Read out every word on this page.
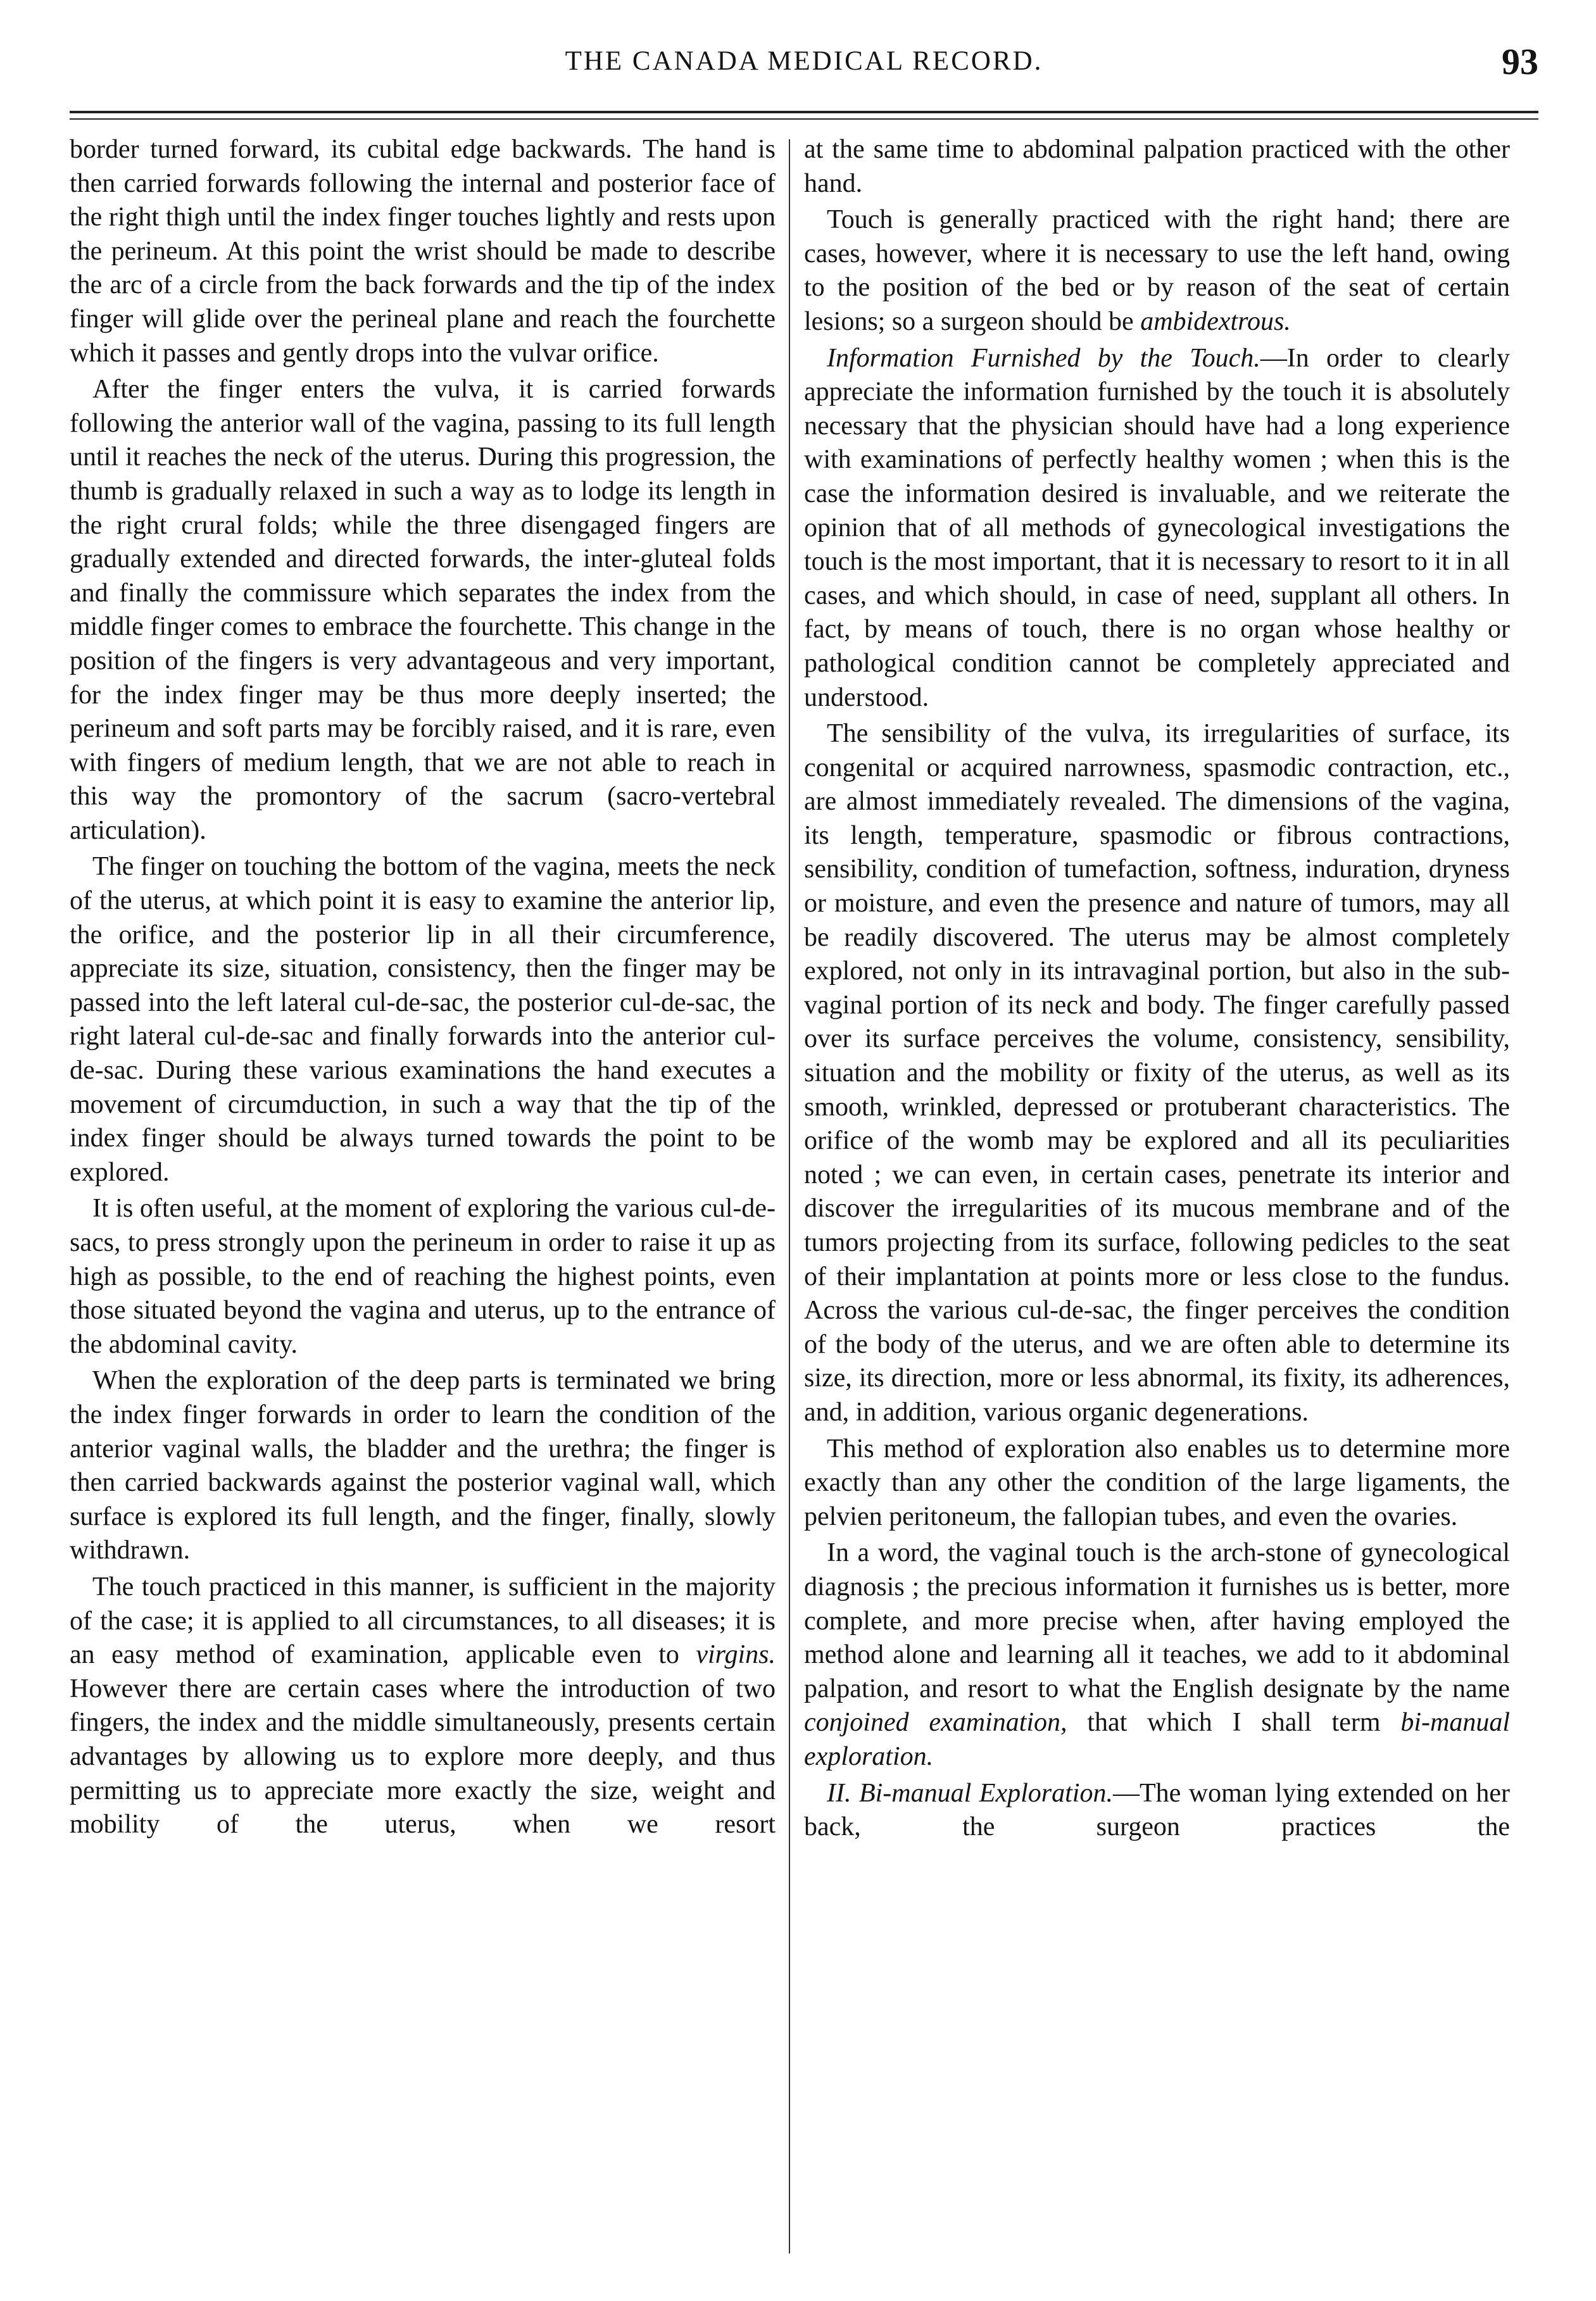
THE CANADA MEDICAL RECORD.	93

border turned forward, its cubital edge backwards. The hand is then carried forwards following the internal and posterior face of the right thigh until the index finger touches lightly and rests upon the perineum. At this point the wrist should be made to describe the arc of a circle from the back forwards and the tip of the index finger will glide over the perineal plane and reach the fourchette which it passes and gently drops into the vulvar orifice.

After the finger enters the vulva, it is carried forwards following the anterior wall of the vagina, passing to its full length until it reaches the neck of the uterus. During this progression, the thumb is gradually relaxed in such a way as to lodge its length in the right crural folds; while the three disengaged fingers are gradually extended and directed forwards, the inter-gluteal folds and finally the commissure which separates the index from the middle finger comes to embrace the fourchette. This change in the position of the fingers is very advantageous and very important, for the index finger may be thus more deeply inserted; the perineum and soft parts may be forcibly raised, and it is rare, even with fingers of medium length, that we are not able to reach in this way the promontory of the sacrum (sacro-vertebral articulation).

The finger on touching the bottom of the vagina, meets the neck of the uterus, at which point it is easy to examine the anterior lip, the orifice, and the posterior lip in all their circumference, appreciate its size, situation, consistency, then the finger may be passed into the left lateral cul-de-sac, the posterior cul-de-sac, the right lateral cul-de-sac and finally forwards into the anterior cul-de-sac. During these various examinations the hand executes a movement of circumduction, in such a way that the tip of the index finger should be always turned towards the point to be explored.

It is often useful, at the moment of exploring the various cul-de-sacs, to press strongly upon the perineum in order to raise it up as high as possible, to the end of reaching the highest points, even those situated beyond the vagina and uterus, up to the entrance of the abdominal cavity.

When the exploration of the deep parts is terminated we bring the index finger forwards in order to learn the condition of the anterior vaginal walls, the bladder and the urethra; the finger is then carried backwards against the posterior vaginal wall, which surface is explored its full length, and the finger, finally, slowly withdrawn.

The touch practiced in this manner, is sufficient in the majority of the case; it is applied to all circumstances, to all diseases; it is an easy method of examination, applicable even to virgins. However there are certain cases where the introduction of two fingers, the index and the middle simultaneously, presents certain advantages by allowing us to explore more deeply, and thus permitting us to appreciate more exactly the size, weight and mobility of the uterus, when we resort

at the same time to abdominal palpation practiced with the other hand.

Touch is generally practiced with the right hand; there are cases, however, where it is necessary to use the left hand, owing to the position of the bed or by reason of the seat of certain lesions; so a surgeon should be ambidextrous.

Information Furnished by the Touch.—In order to clearly appreciate the information furnished by the touch it is absolutely necessary that the physician should have had a long experience with examinations of perfectly healthy women ; when this is the case the information desired is invaluable, and we reiterate the opinion that of all methods of gynecological investigations the touch is the most important, that it is necessary to resort to it in all cases, and which should, in case of need, supplant all others. In fact, by means of touch, there is no organ whose healthy or pathological condition cannot be completely appreciated and understood.

The sensibility of the vulva, its irregularities of surface, its congenital or acquired narrowness, spasmodic contraction, etc., are almost immediately revealed. The dimensions of the vagina, its length, temperature, spasmodic or fibrous contractions, sensibility, condition of tumefaction, softness, induration, dryness or moisture, and even the presence and nature of tumors, may all be readily discovered. The uterus may be almost completely explored, not only in its intravaginal portion, but also in the sub-vaginal portion of its neck and body. The finger carefully passed over its surface perceives the volume, consistency, sensibility, situation and the mobility or fixity of the uterus, as well as its smooth, wrinkled, depressed or protuberant characteristics. The orifice of the womb may be explored and all its peculiarities noted ; we can even, in certain cases, penetrate its interior and discover the irregularities of its mucous membrane and of the tumors projecting from its surface, following pedicles to the seat of their implantation at points more or less close to the fundus. Across the various cul-de-sac, the finger perceives the condition of the body of the uterus, and we are often able to determine its size, its direction, more or less abnormal, its fixity, its adherences, and, in addition, various organic degenerations.

This method of exploration also enables us to determine more exactly than any other the condition of the large ligaments, the pelvien peritoneum, the fallopian tubes, and even the ovaries.

In a word, the vaginal touch is the arch-stone of gynecological diagnosis ; the precious information it furnishes us is better, more complete, and more precise when, after having employed the method alone and learning all it teaches, we add to it abdominal palpation, and resort to what the English designate by the name conjoined examination, that which I shall term bi-manual exploration.

II. Bi-manual Exploration.—The woman lying extended on her back, the surgeon practices the
